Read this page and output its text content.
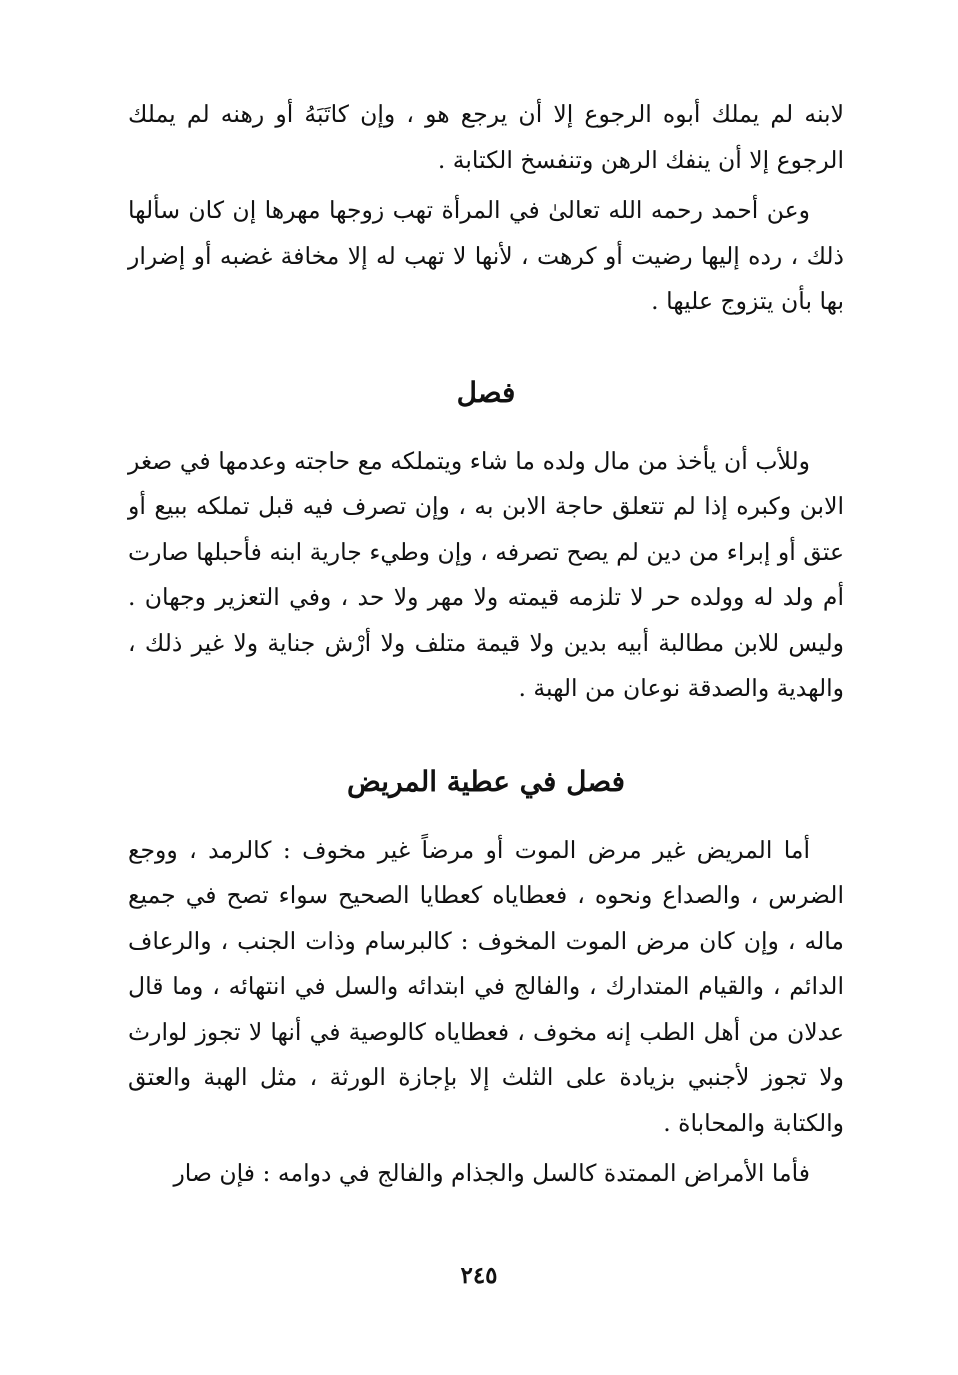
لابنه لم يملك أبوه الرجوع إلا أن يرجع هو ، وإن كاتَبَهُ أو رهنه لم يملك الرجوع إلا أن ينفك الرهن وتنفسخ الكتابة .

وعن أحمد رحمه الله تعالىٰ في المرأة تهب زوجها مهرها إن كان سألها ذلك ، رده إليها رضيت أو كرهت ، لأنها لا تهب له إلا مخافة غضبه أو إضرار بها بأن يتزوج عليها .

فصل

وللأب أن يأخذ من مال ولده ما شاء ويتملكه مع حاجته وعدمها في صغر الابن وكبره إذا لم تتعلق حاجة الابن به ، وإن تصرف فيه قبل تملكه ببيع أو عتق أو إبراء من دين لم يصح تصرفه ، وإن وطيء جارية ابنه فأحبلها صارت أم ولد له وولده حر لا تلزمه قيمته ولا مهر ولا حد ، وفي التعزير وجهان . وليس للابن مطالبة أبيه بدين ولا قيمة متلف ولا أرْش جناية ولا غير ذلك ، والهدية والصدقة نوعان من الهبة .

فصل في عطية المريض

أما المريض غير مرض الموت أو مرضاً غير مخوف : كالرمد ، ووجع الضرس ، والصداع ونحوه ، فعطاياه كعطايا الصحيح سواء تصح في جميع ماله ، وإن كان مرض الموت المخوف : كالبرسام وذات الجنب ، والرعاف الدائم ، والقيام المتدارك ، والفالج في ابتدائه والسل في انتهائه ، وما قال عدلان من أهل الطب إنه مخوف ، فعطاياه كالوصية في أنها لا تجوز لوارث ولا تجوز لأجنبي بزيادة على الثلث إلا بإجازة الورثة ، مثل الهبة والعتق والكتابة والمحاباة .

فأما الأمراض الممتدة كالسل والجذام والفالج في دوامه : فإن صار

٢٤٥
